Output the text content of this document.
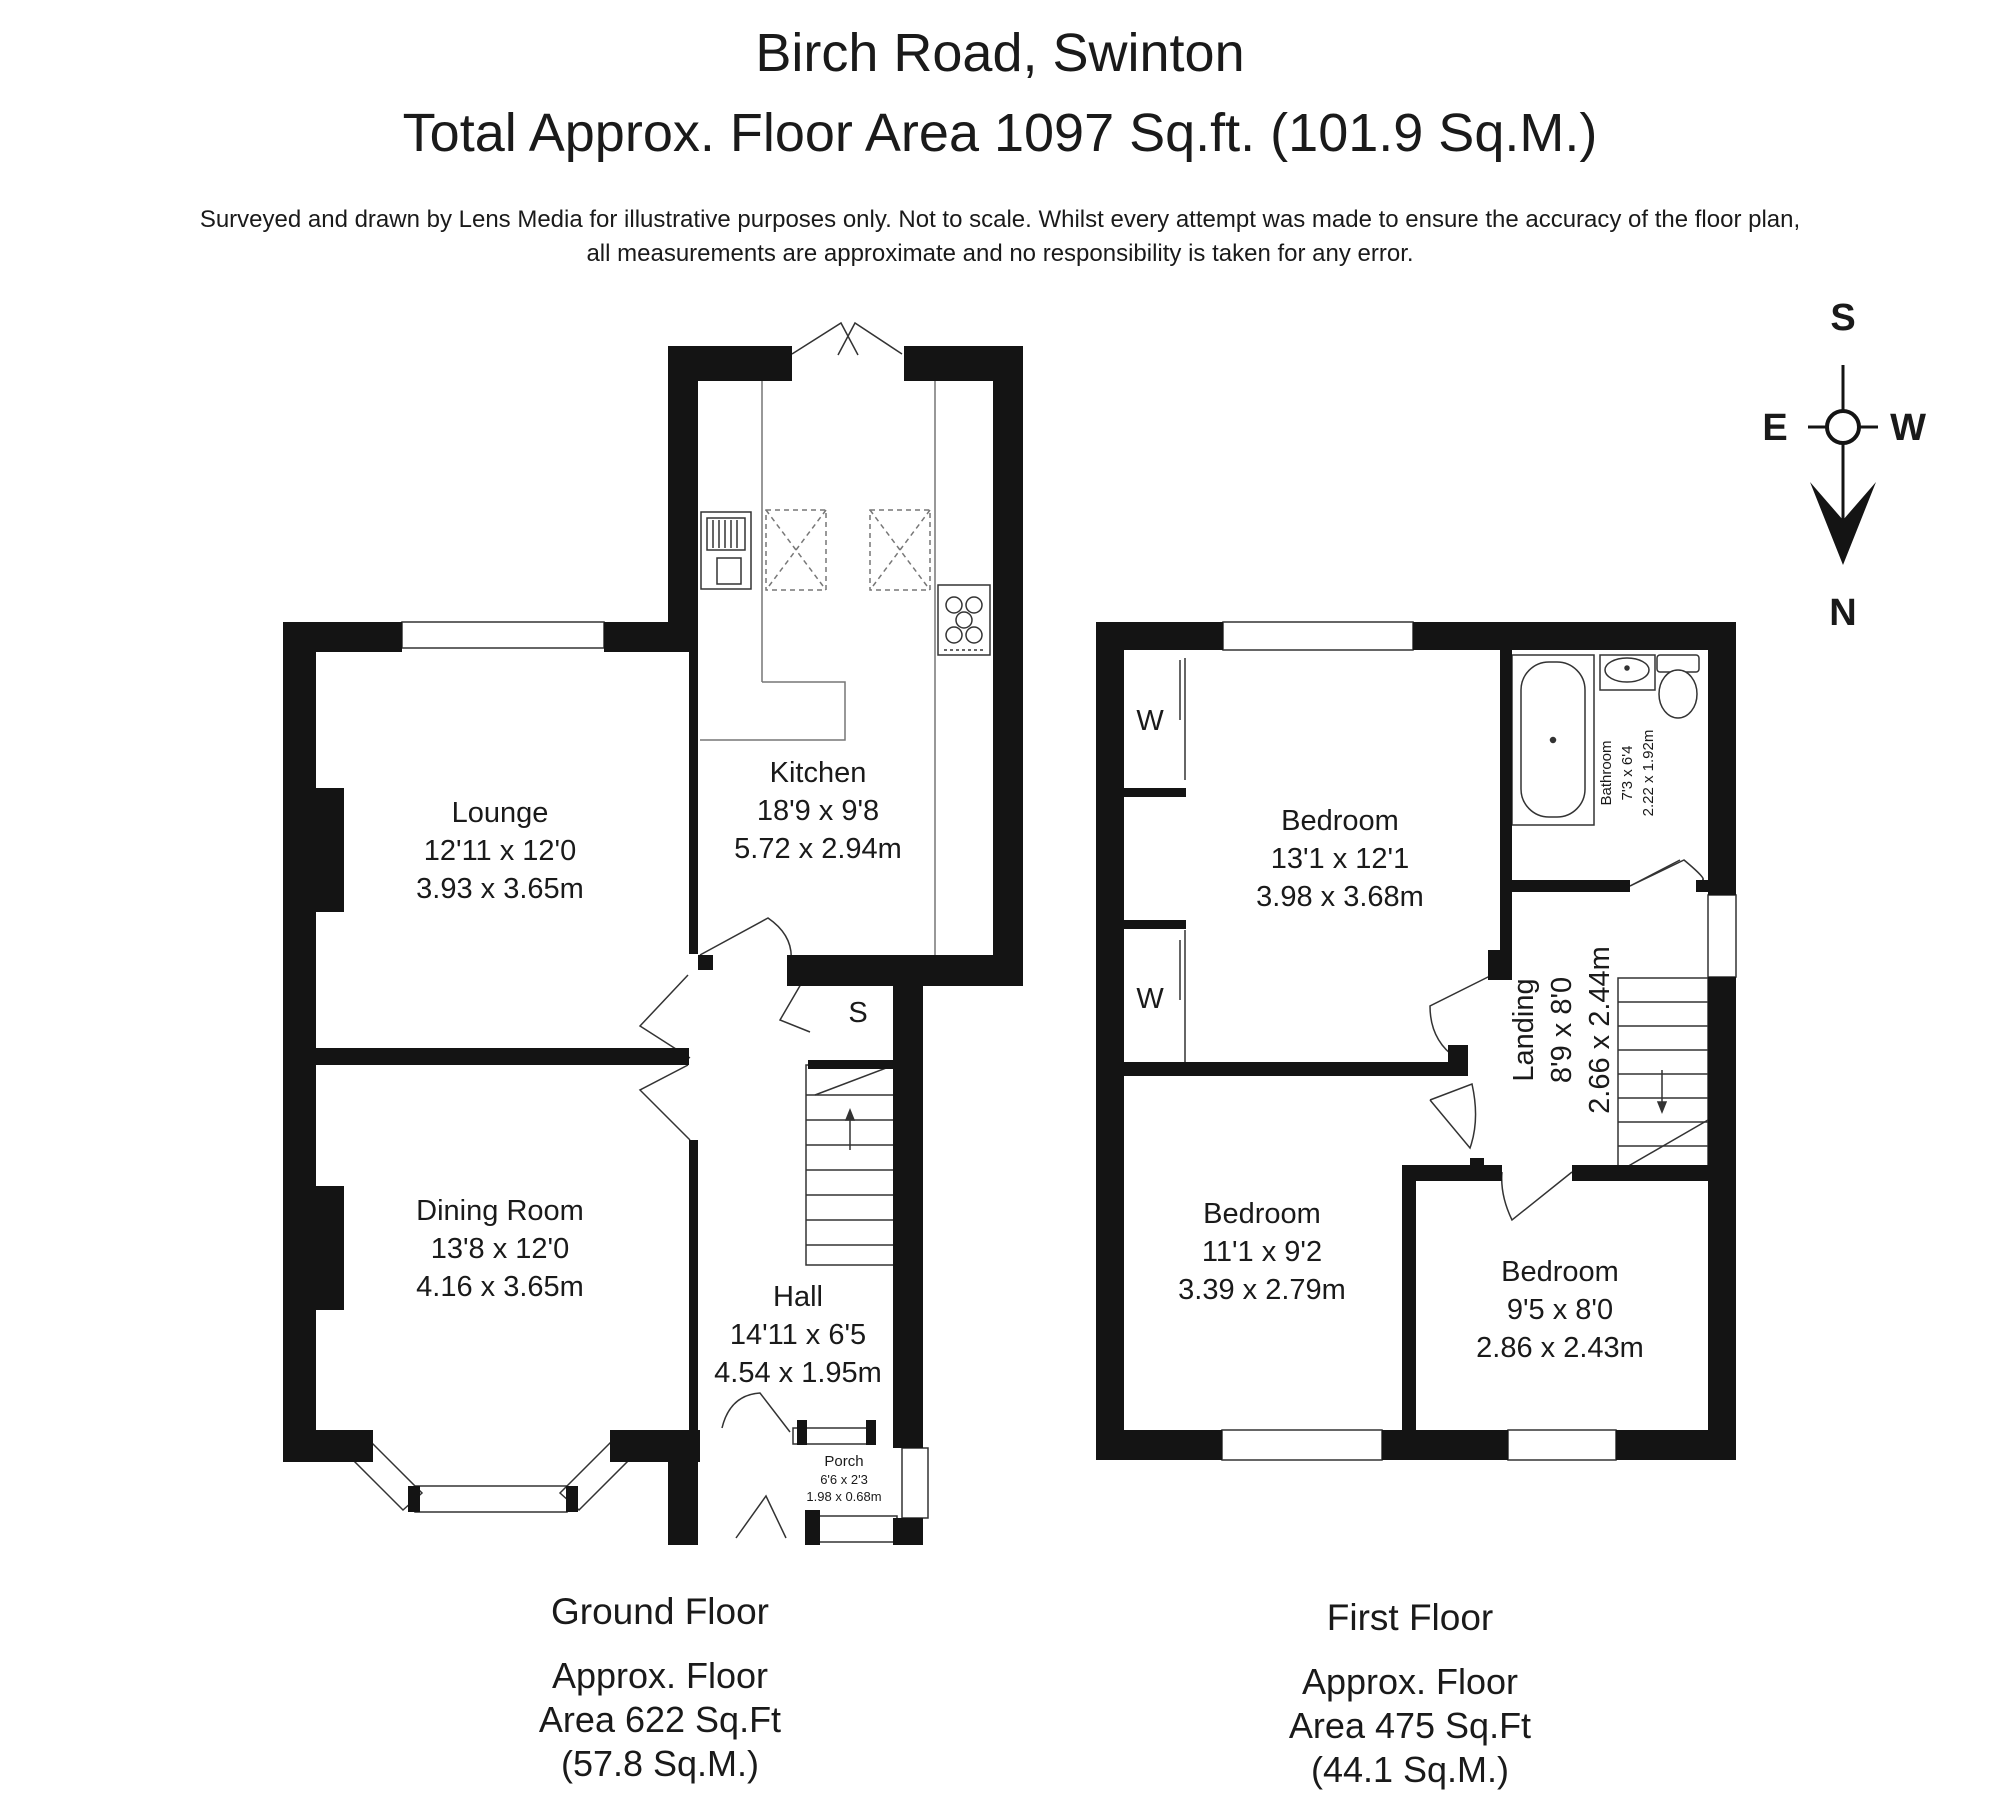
Birch Road, Swinton
Total Approx. Floor Area 1097 Sq.ft. (101.9 Sq.M.)
Surveyed and drawn by Lens Media for illustrative purposes only. Not to scale. Whilst every attempt was made to ensure the accuracy of the floor plan,
all measurements are approximate and no responsibility is taken for any error.
Lounge
12'11 x 12'0
3.93 x 3.65m
Kitchen
18'9 x 9'8
5.72 x 2.94m
Dining Room
13'8 x 12'0
4.16 x 3.65m	Hall
14'11 x 6'5
4.54 x 1.95m
S
Porch
6'6 x 2'3
1.98 x 0.68m
Bedroom
13'1 x 12'1
3.98 x 3.68m
Bedroom
11'1 x 9'2
3.39 x 2.79m
Bedroom
9'5 x 8'0
2.86 x 2.43m
W
W	Landing 8'9 x 8'0 2.66 x 2.44m
Bathroom 7'3 x 6'4 2.22 x 1.92m
S
E	W
N
Ground Floor
Approx. Floor
Area 622 Sq.Ft
(57.8 Sq.M.)
First Floor
Approx. Floor
Area 475 Sq.Ft
(44.1 Sq.M.)
